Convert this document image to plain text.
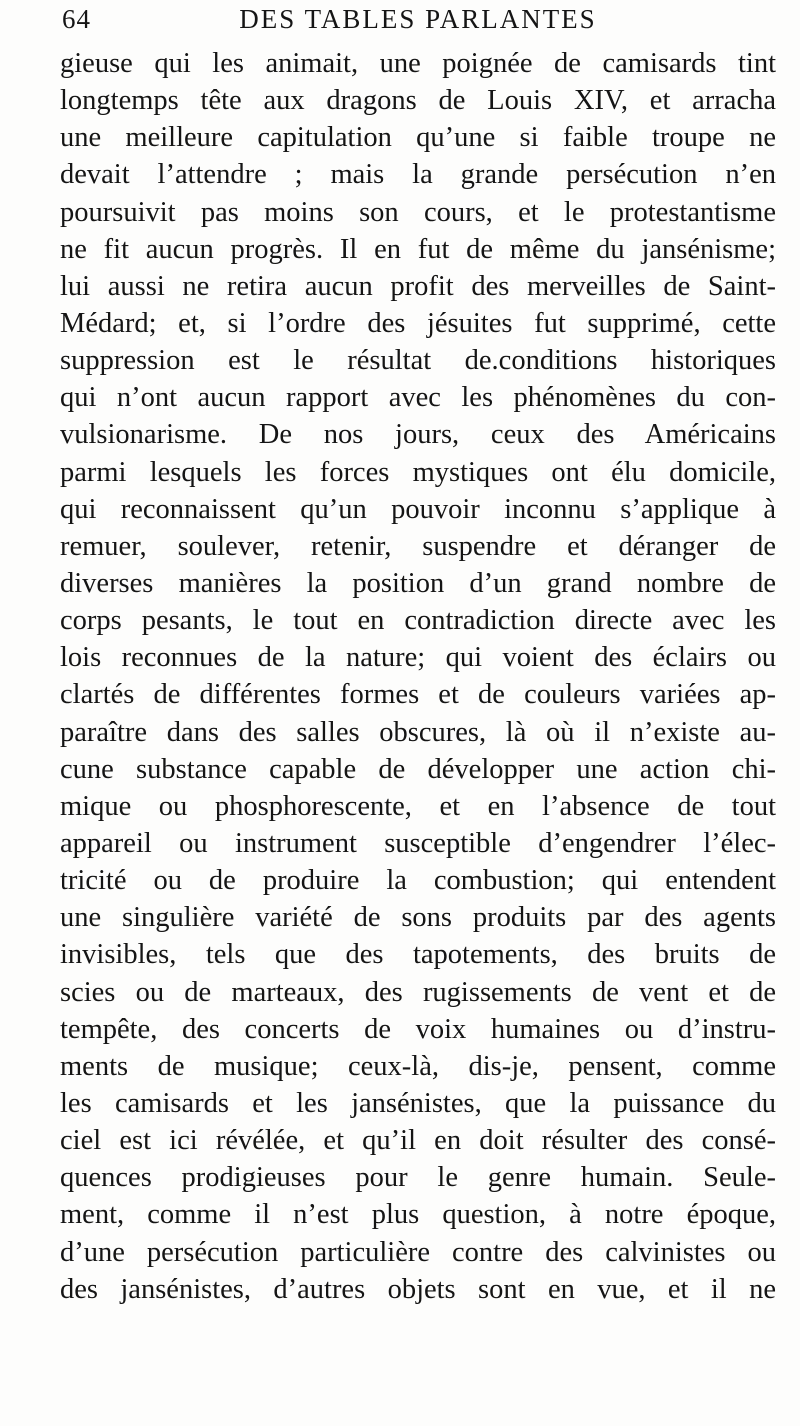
64	DES TABLES PARLANTES
gieuse qui les animait, une poignée de camisards tint
longtemps tête aux dragons de Louis XIV, et arracha
une meilleure capitulation qu’une si faible troupe ne
devait l’attendre ; mais la grande persécution n’en
poursuivit pas moins son cours, et le protestantisme
ne fit aucun progrès. Il en fut de même du jansénisme;
lui aussi ne retira aucun profit des merveilles de Saint-
Médard; et, si l’ordre des jésuites fut supprimé, cette
suppression est le résultat de.conditions historiques
qui n’ont aucun rapport avec les phénomènes du con-
vulsionarisme. De nos jours, ceux des Américains
parmi lesquels les forces mystiques ont élu domicile,
qui reconnaissent qu’un pouvoir inconnu s’applique à
remuer, soulever, retenir, suspendre et déranger de
diverses manières la position d’un grand nombre de
corps pesants, le tout en contradiction directe avec les
lois reconnues de la nature; qui voient des éclairs ou
clartés de différentes formes et de couleurs variées ap-
paraître dans des salles obscures, là où il n’existe au-
cune substance capable de développer une action chi-
mique ou phosphorescente, et en l’absence de tout
appareil ou instrument susceptible d’engendrer l’élec-
tricité ou de produire la combustion; qui entendent
une singulière variété de sons produits par des agents
invisibles, tels que des tapotements, des bruits de
scies ou de marteaux, des rugissements de vent et de
tempête, des concerts de voix humaines ou d’instru-
ments de musique; ceux-là, dis-je, pensent, comme
les camisards et les jansénistes, que la puissance du
ciel est ici révélée, et qu’il en doit résulter des consé-
quences prodigieuses pour le genre humain. Seule-
ment, comme il n’est plus question, à notre époque,
d’une persécution particulière contre des calvinistes ou
des jansénistes, d’autres objets sont en vue, et il ne
